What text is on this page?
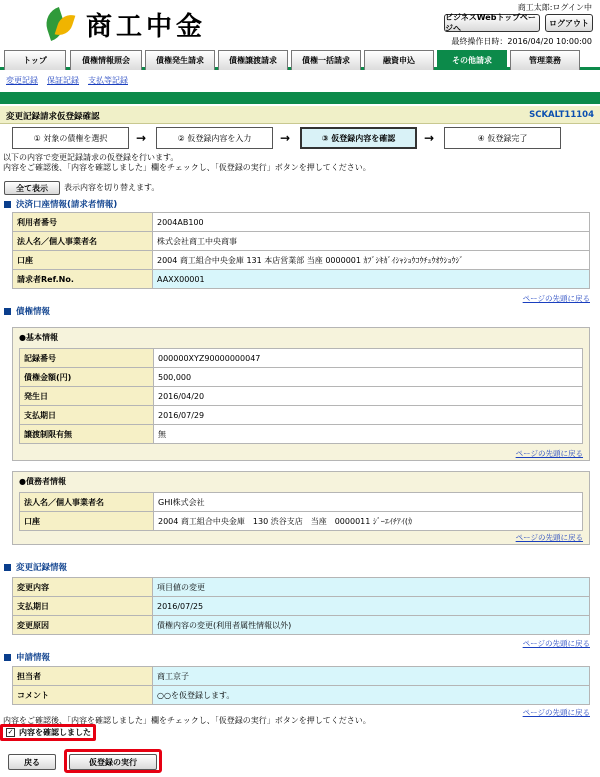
商工中金
商工太郎:ログイン中
ビジネスWebトップページへ
ログアウト
最終操作日時：2016/04/20 10:00:00
トップ	債権情報照会	債権発生請求	債権譲渡請求	債権一括請求	融資申込	その他請求	管理業務
変更記録 保証記録 支払等記録
変更記録請求仮登録確認	SCKALT11104
① 対象の債権を選択	→	② 仮登録内容を入力	→	③ 仮登録内容を確認	→	④ 仮登録完了
以下の内容で変更記録請求の仮登録を行います。
内容をご確認後、「内容を確認しました」欄をチェックし、「仮登録の実行」ボタンを押してください。
全て表示	表示内容を切り替えます。
決済口座情報(請求者情報)
利用者番号	2004AB100
法人名／個人事業者名	株式会社商工中央商事
口座	2004 商工組合中央金庫 131 本店営業部 当座 0000001 ｶﾌﾞｼｷｶﾞｲｼｬｼｮｳｺｳﾁｭｳｵｳｼｮｳｼﾞ
請求者Ref.No.	AAXX00001
ページの先頭に戻る
債権情報
●基本情報
記録番号	000000XYZ90000000047
債権金額(円)	500,000
発生日	2016/04/20
支払期日	2016/07/29
譲渡制限有無	無
ページの先頭に戻る
●債務者情報
法人名／個人事業者名	GHI株式会社
口座	2004 商工組合中央金庫　130 渋谷支店　当座　0000011 ｼﾞｰｴｲﾁｱｲ(ｶ
ページの先頭に戻る
変更記録情報
変更内容	項目値の変更
支払期日	2016/07/25
変更原因	債権内容の変更(利用者属性情報以外)
ページの先頭に戻る
申請情報
担当者	商工京子
コメント	○○を仮登録します。
ページの先頭に戻る
内容をご確認後、「内容を確認しました」欄をチェックし、「仮登録の実行」ボタンを押してください。
✓ 内容を確認しました
戻る	仮登録の実行
